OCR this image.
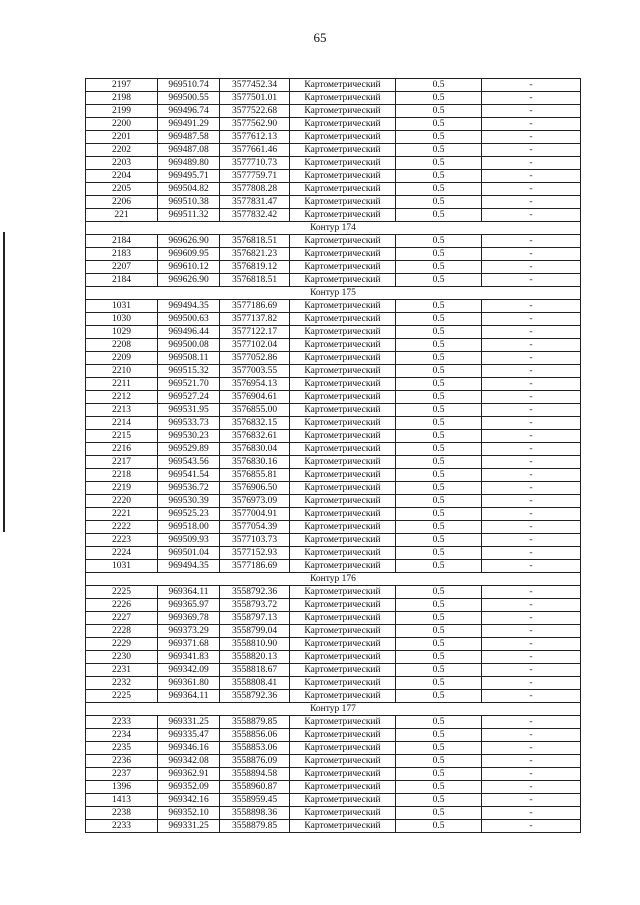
65
2197	969510.74	3577452.34	Картометрический	0.5	-
2198	969500.55	3577501.01	Картометрический	0.5	-
2199	969496.74	3577522.68	Картометрический	0.5	-
2200	969491.29	3577562.90	Картометрический	0.5	-
2201	969487.58	3577612.13	Картометрический	0.5	-
2202	969487.08	3577661.46	Картометрический	0.5	-
2203	969489.80	3577710.73	Картометрический	0.5	-
2204	969495.71	3577759.71	Картометрический	0.5	-
2205	969504.82	3577808.28	Картометрический	0.5	-
2206	969510.38	3577831.47	Картометрический	0.5	-
221	969511.32	3577832.42	Картометрический	0.5	-
Контур 174					
2184	969626.90	3576818.51	Картометрический	0.5	-
2183	969609.95	3576821.23	Картометрический	0.5	-
2207	969610.12	3576819.12	Картометрический	0.5	-
2184	969626.90	3576818.51	Картометрический	0.5	-
Контур 175					
1031	969494.35	3577186.69	Картометрический	0.5	-
1030	969500.63	3577137.82	Картометрический	0.5	-
1029	969496.44	3577122.17	Картометрический	0.5	-
2208	969500.08	3577102.04	Картометрический	0.5	-
2209	969508.11	3577052.86	Картометрический	0.5	-
2210	969515.32	3577003.55	Картометрический	0.5	-
2211	969521.70	3576954.13	Картометрический	0.5	-
2212	969527.24	3576904.61	Картометрический	0.5	-
2213	969531.95	3576855.00	Картометрический	0.5	-
2214	969533.73	3576832.15	Картометрический	0.5	-
2215	969530.23	3576832.61	Картометрический	0.5	-
2216	969529.89	3576830.04	Картометрический	0.5	-
2217	969543.56	3576830.16	Картометрический	0.5	-
2218	969541.54	3576855.81	Картометрический	0.5	-
2219	969536.72	3576906.50	Картометрический	0.5	-
2220	969530.39	3576973.09	Картометрический	0.5	-
2221	969525.23	3577004.91	Картометрический	0.5	-
2222	969518.00	3577054.39	Картометрический	0.5	-
2223	969509.93	3577103.73	Картометрический	0.5	-
2224	969501.04	3577152.93	Картометрический	0.5	-
1031	969494.35	3577186.69	Картометрический	0.5	-
Контур 176					
2225	969364.11	3558792.36	Картометрический	0.5	-
2226	969365.97	3558793.72	Картометрический	0.5	-
2227	969369.78	3558797.13	Картометрический	0.5	-
2228	969373.29	3558799.04	Картометрический	0.5	-
2229	969371.68	3558810.90	Картометрический	0.5	-
2230	969341.83	3558820.13	Картометрический	0.5	-
2231	969342.09	3558818.67	Картометрический	0.5	-
2232	969361.80	3558808.41	Картометрический	0.5	-
2225	969364.11	3558792.36	Картометрический	0.5	-
Контур 177					
2233	969331.25	3558879.85	Картометрический	0.5	-
2234	969335.47	3558856.06	Картометрический	0.5	-
2235	969346.16	3558853.06	Картометрический	0.5	-
2236	969342.08	3558876.09	Картометрический	0.5	-
2237	969362.91	3558894.58	Картометрический	0.5	-
1396	969352.09	3558960.87	Картометрический	0.5	-
1413	969342.16	3558959.45	Картометрический	0.5	-
2238	969352.10	3558898.36	Картометрический	0.5	-
2233	969331.25	3558879.85	Картометрический	0.5	-
